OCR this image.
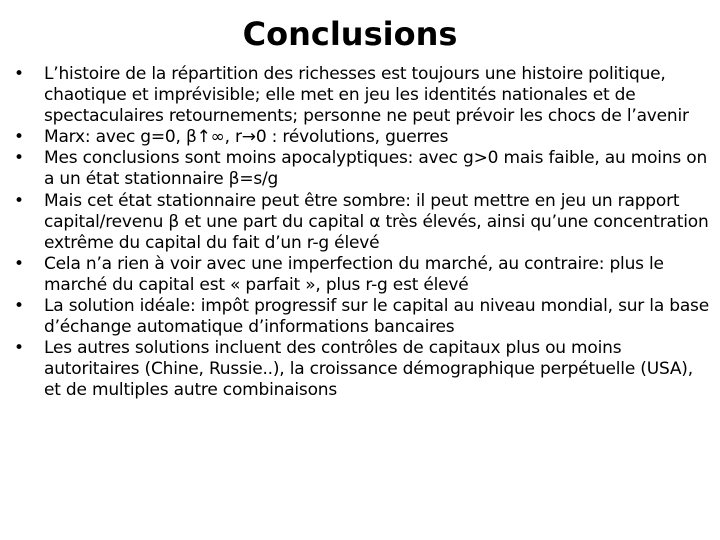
Conclusions
• L’histoire de la répartition des richesses est toujours une histoire politique, chaotique et imprévisible; elle met en jeu les identités nationales et de spectaculaires retournements; personne ne peut prévoir les chocs de l’avenir
• Marx: avec g=0, β↑∞, r→0 : révolutions, guerres
• Mes conclusions sont moins apocalyptiques: avec g>0 mais faible, au moins on a un état stationnaire β=s/g
• Mais cet état stationnaire peut être sombre: il peut mettre en jeu un rapport capital/revenu β et une part du capital α très élevés, ainsi qu’une concentration extrême du capital du fait d’un r-g élevé
• Cela n’a rien à voir avec une imperfection du marché, au contraire: plus le marché du capital est « parfait », plus r-g est élevé
• La solution idéale: impôt progressif sur le capital au niveau mondial, sur la base d’échange automatique d’informations bancaires
• Les autres solutions incluent des contrôles de capitaux plus ou moins autoritaires (Chine, Russie..), la croissance démographique perpétuelle (USA), et de multiples autre combinaisons
